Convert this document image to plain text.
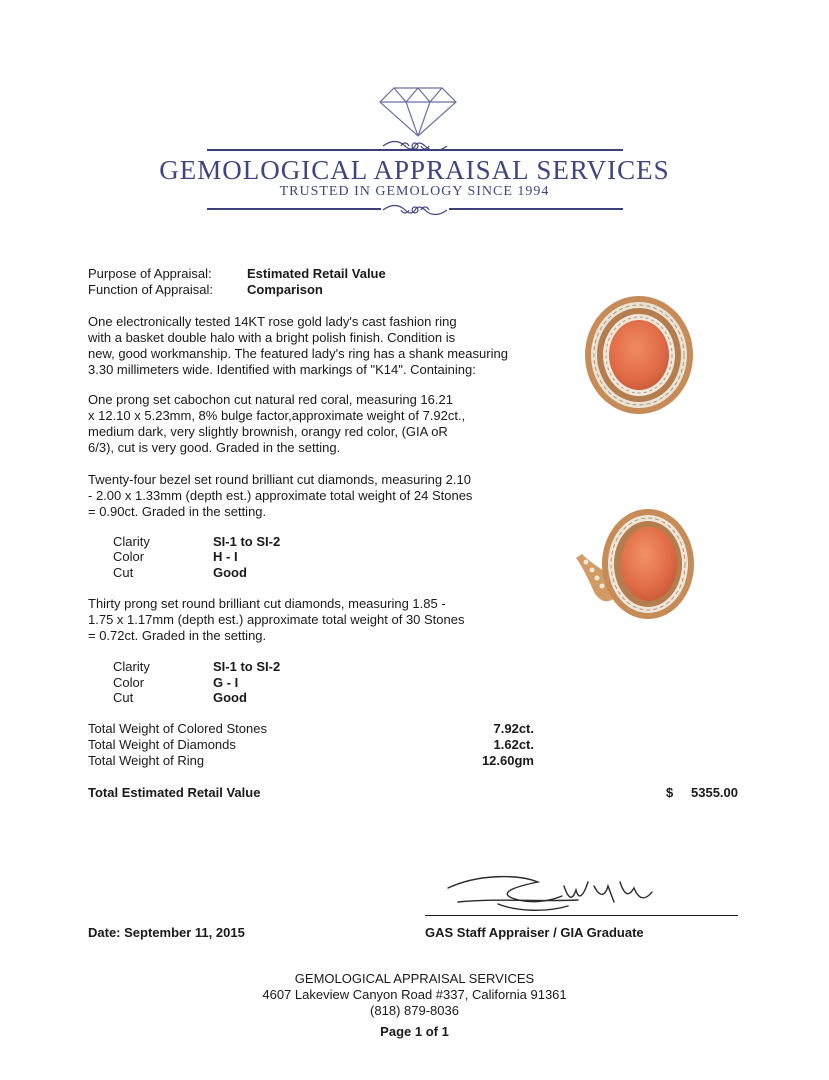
GEMOLOGICAL APPRAISAL SERVICES
TRUSTED IN GEMOLOGY SINCE 1994
Purpose of Appraisal:	Estimated Retail Value
Function of Appraisal:	Comparison
One electronically tested 14KT rose gold lady's cast fashion ring
with a basket double halo with a bright polish finish. Condition is
new, good workmanship. The featured lady's ring has a shank measuring
3.30 millimeters wide. Identified with markings of "K14". Containing:
One prong set cabochon cut natural red coral, measuring 16.21
x 12.10 x 5.23mm, 8% bulge factor,approximate weight of 7.92ct.,
medium dark, very slightly brownish, orangy red color, (GIA oR
6/3), cut is very good. Graded in the setting.
Twenty-four bezel set round brilliant cut diamonds, measuring 2.10
- 2.00 x 1.33mm (depth est.) approximate total weight of 24 Stones
= 0.90ct. Graded in the setting.
Clarity	SI-1 to SI-2
Color	H - I
Cut	Good
Thirty prong set round brilliant cut diamonds, measuring 1.85 -
1.75 x 1.17mm (depth est.) approximate total weight of 30 Stones
= 0.72ct. Graded in the setting.
Clarity	SI-1 to SI-2
Color	G - I
Cut	Good
Total Weight of Colored Stones	7.92ct.
Total Weight of Diamonds	1.62ct.
Total Weight of Ring	12.60gm
Total Estimated Retail Value	$	5355.00
Date: September 11, 2015	GAS Staff Appraiser / GIA Graduate
GEMOLOGICAL APPRAISAL SERVICES
4607 Lakeview Canyon Road #337, California 91361
(818) 879-8036
Page 1 of 1
